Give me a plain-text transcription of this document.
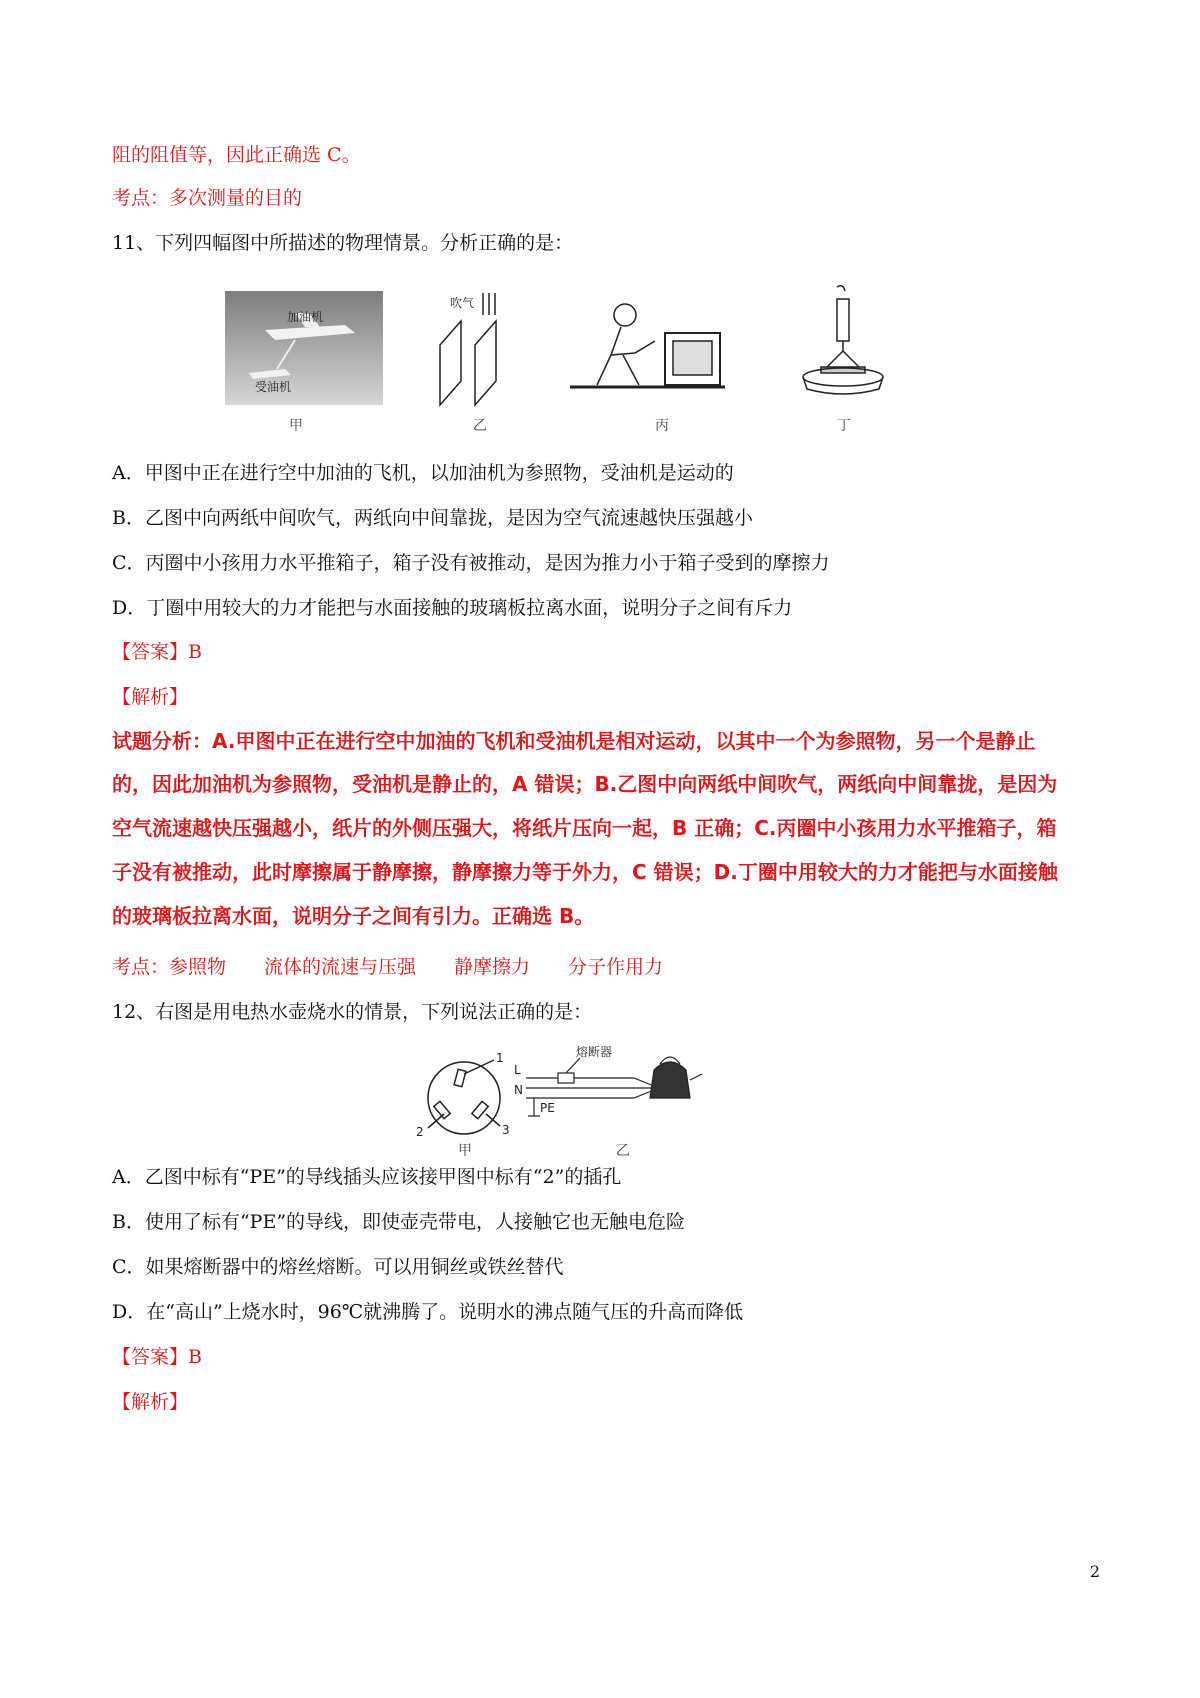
阻的阻值等，因此正确选 C。
考点：多次测量的目的
11、下列四幅图中所描述的物理情景。分析正确的是：
加油机
受油机
吹气
甲	乙	丙	丁
A．甲图中正在进行空中加油的飞机，以加油机为参照物，受油机是运动的
B．乙图中向两纸中间吹气，两纸向中间靠拢，是因为空气流速越快压强越小
C．丙圈中小孩用力水平推箱子，箱子没有被推动，是因为推力小于箱子受到的摩擦力
D．丁圈中用较大的力才能把与水面接触的玻璃板拉离水面，说明分子之间有斥力
【答案】B
【解析】
试题分析：A.甲图中正在进行空中加油的飞机和受油机是相对运动，以其中一个为参照物，另一个是静止
的，因此加油机为参照物，受油机是静止的，A 错误；B.乙图中向两纸中间吹气，两纸向中间靠拢，是因为
空气流速越快压强越小，纸片的外侧压强大，将纸片压向一起，B 正确；C.丙圈中小孩用力水平推箱子，箱
子没有被推动，此时摩擦属于静摩擦，静摩擦力等于外力，C 错误；D.丁圈中用较大的力才能把与水面接触
的玻璃板拉离水面，说明分子之间有引力。正确选 B。
考点：参照物　　流体的流速与压强　　静摩擦力　　分子作用力
12、右图是用电热水壶烧水的情景，下列说法正确的是：
1
2	3
L
N
PE
熔断器
甲	乙
A．乙图中标有“PE”的导线插头应该接甲图中标有“2”的插孔
B．使用了标有“PE”的导线，即使壶壳带电，人接触它也无触电危险
C．如果熔断器中的熔丝熔断。可以用铜丝或铁丝替代
D．在“高山”上烧水时，96℃就沸腾了。说明水的沸点随气压的升高而降低
【答案】B
【解析】
2
